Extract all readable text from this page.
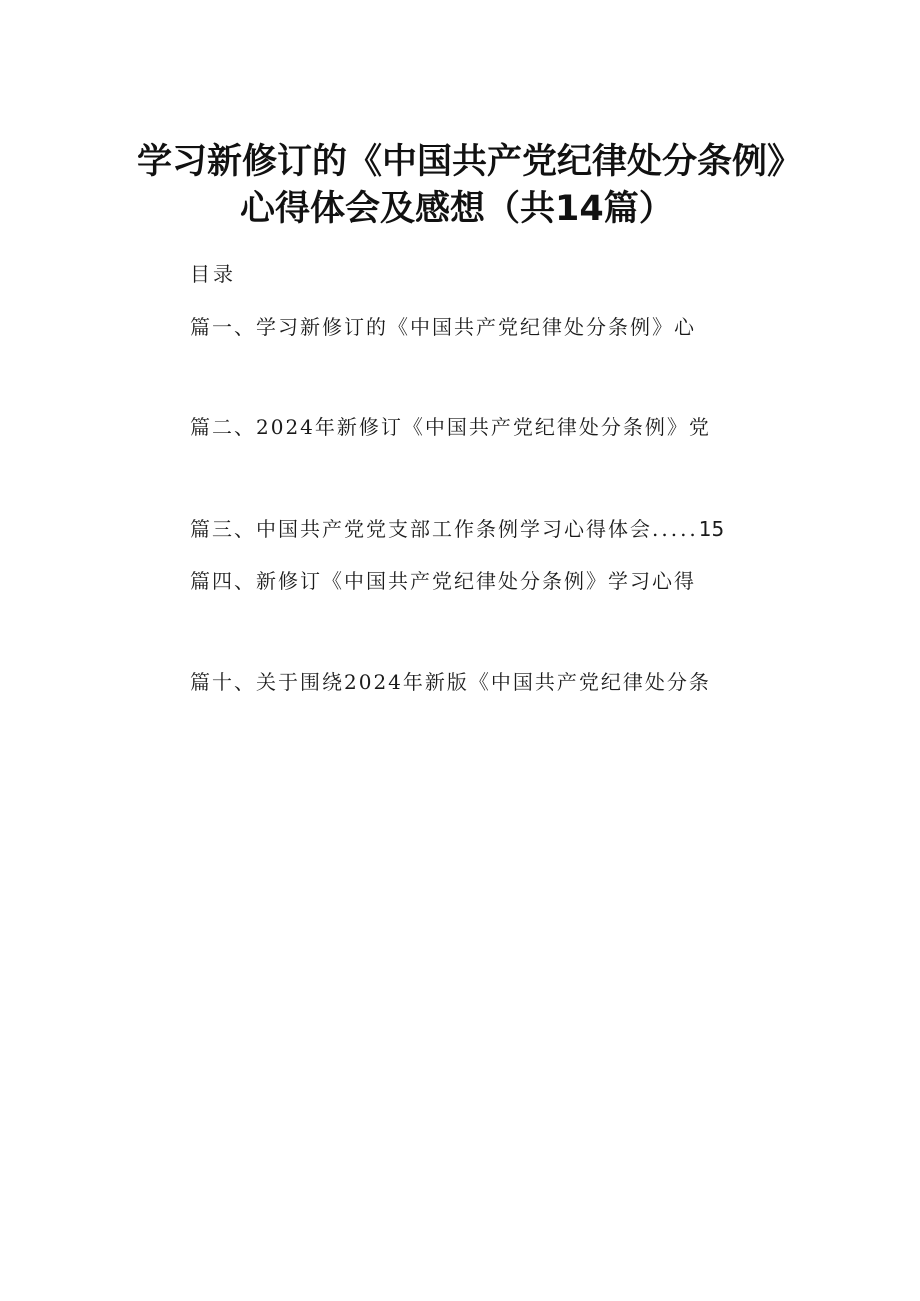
学习新修订的《中国共产党纪律处分条例》
心得体会及感想（共14篇）
目录
篇一、学习新修订的《中国共产党纪律处分条例》心
篇二、2024年新修订《中国共产党纪律处分条例》党
篇三、中国共产党党支部工作条例学习心得体会.....15
篇四、新修订《中国共产党纪律处分条例》学习心得
篇十、关于围绕2024年新版《中国共产党纪律处分条
